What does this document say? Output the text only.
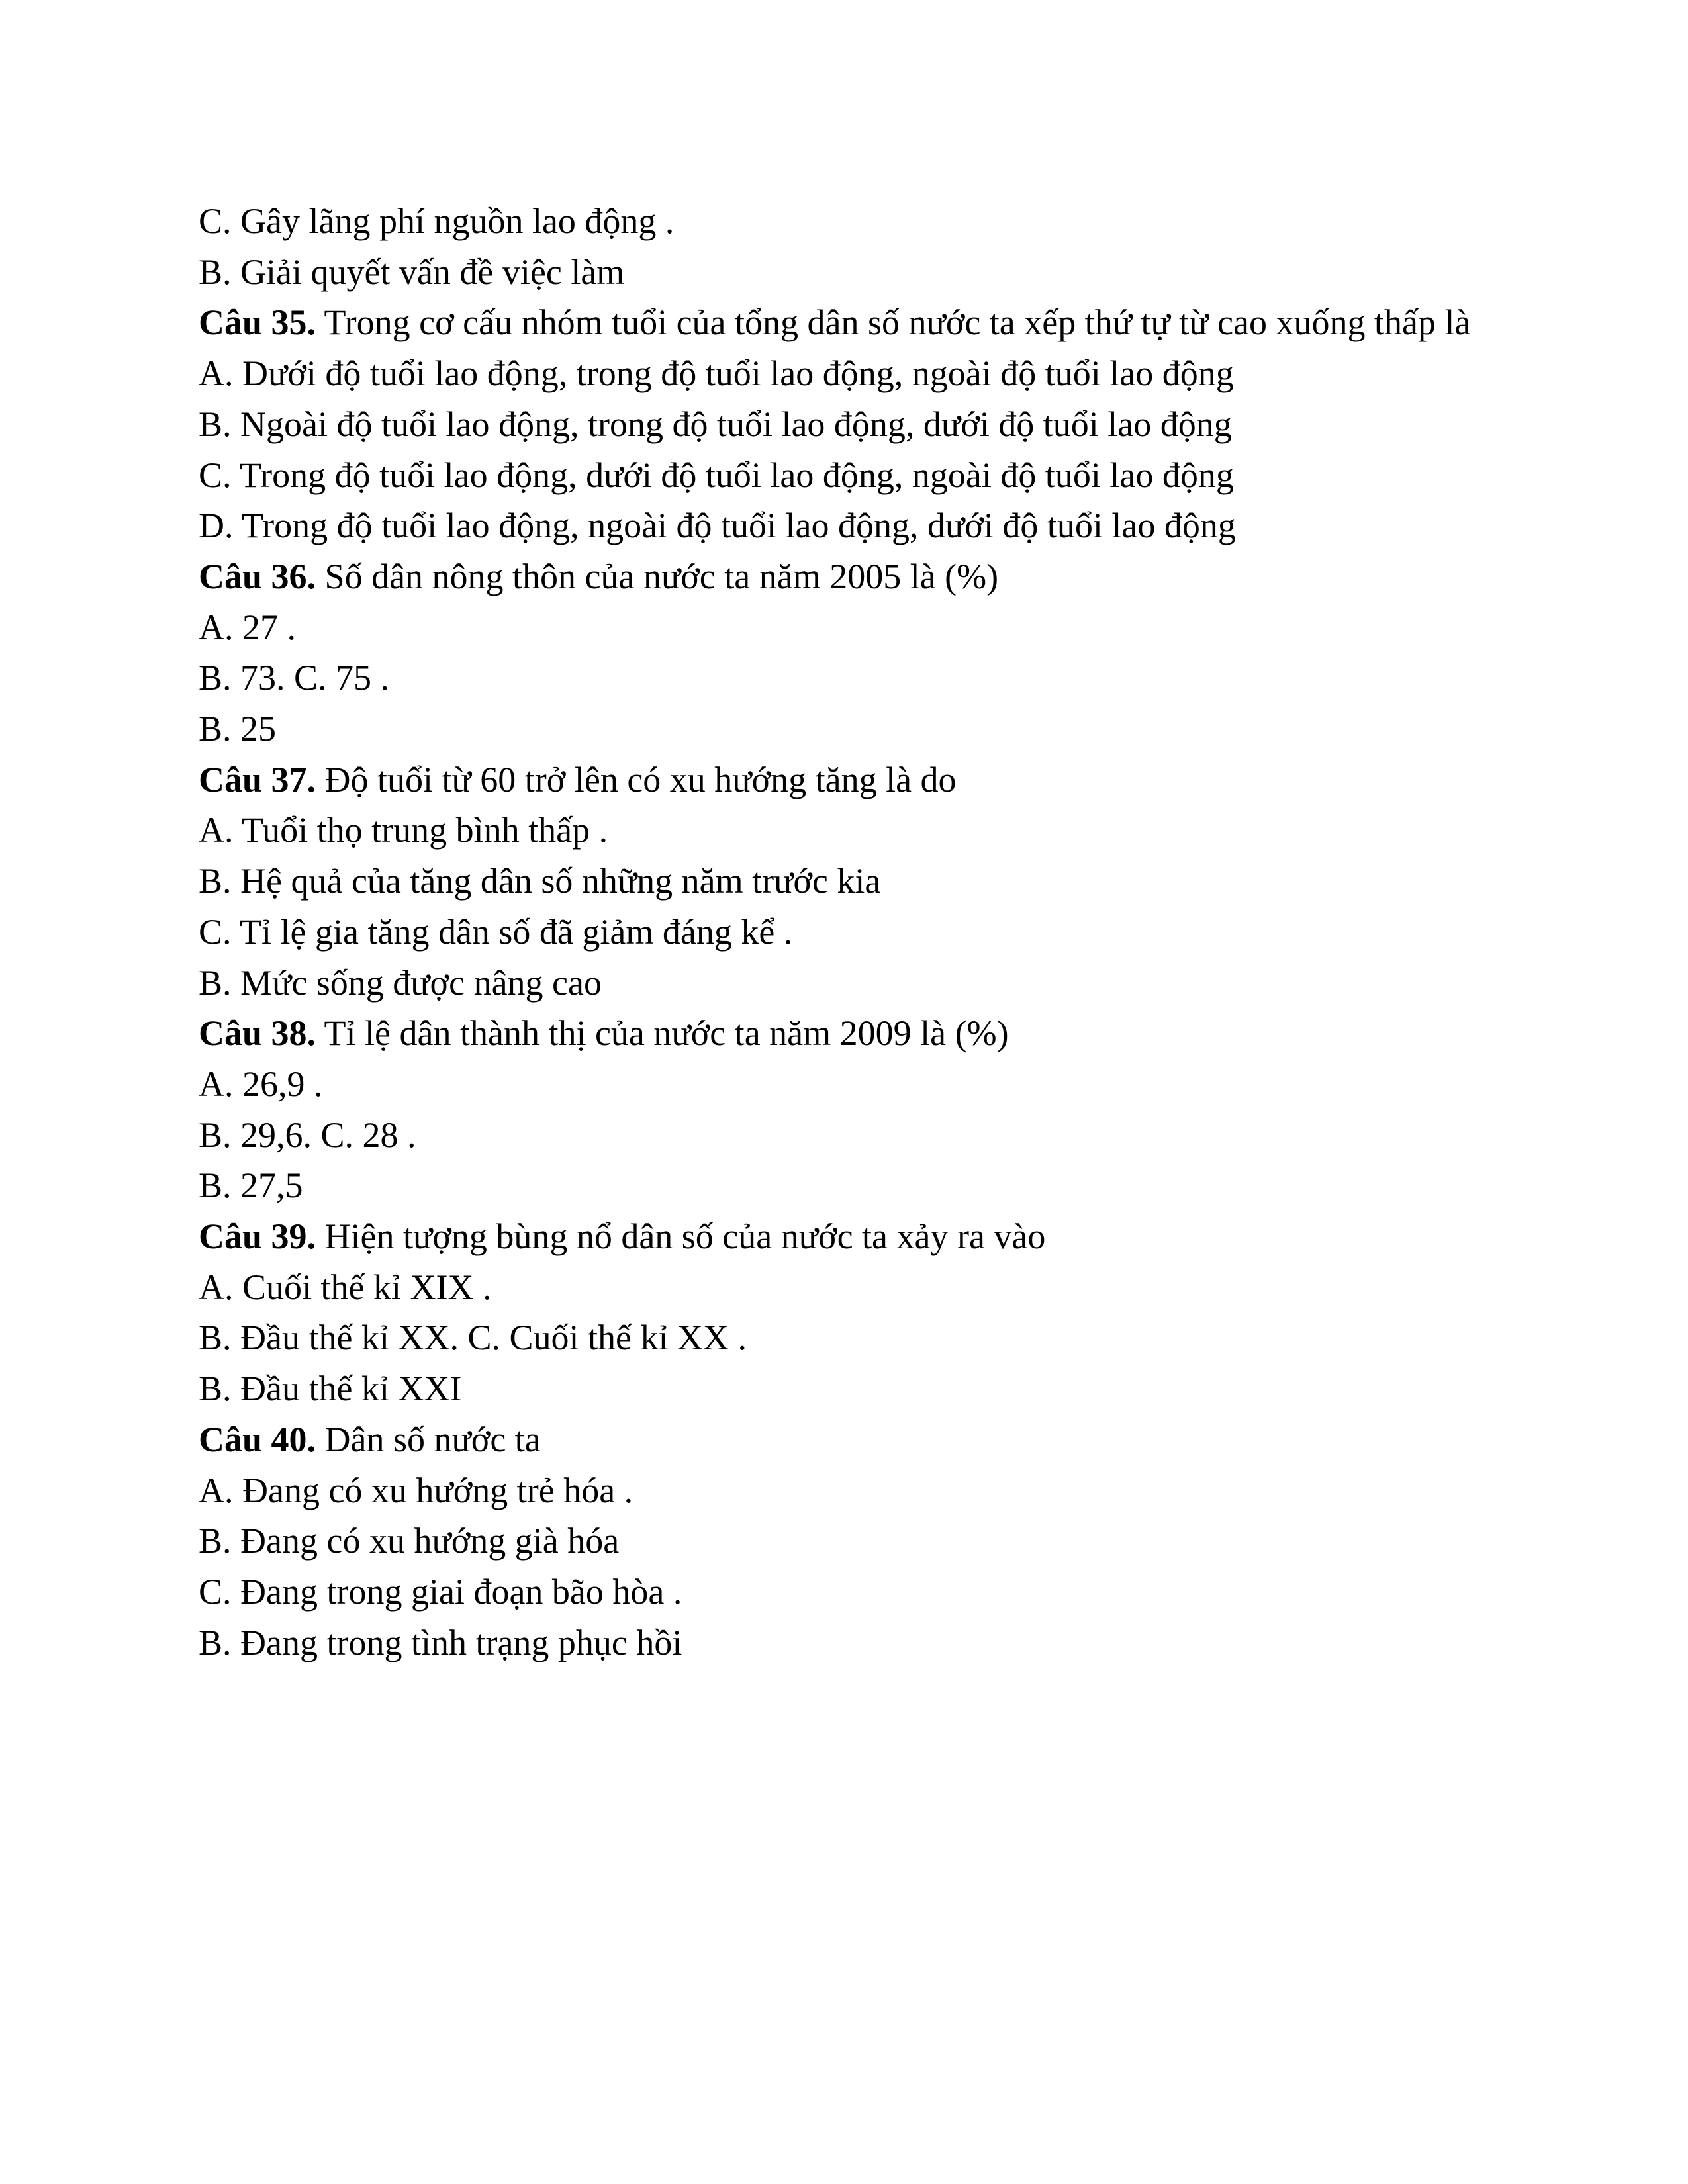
C. Gây lãng phí nguồn lao động .

B. Giải quyết vấn đề việc làm

Câu 35. Trong cơ cấu nhóm tuổi của tổng dân số nước ta xếp thứ tự từ cao xuống thấp là

A. Dưới độ tuổi lao động, trong độ tuổi lao động, ngoài độ tuổi lao động

B. Ngoài độ tuổi lao động, trong độ tuổi lao động, dưới độ tuổi lao động

C. Trong độ tuổi lao động, dưới độ tuổi lao động, ngoài độ tuổi lao động

D. Trong độ tuổi lao động, ngoài độ tuổi lao động, dưới độ tuổi lao động

Câu 36. Số dân nông thôn của nước ta năm 2005 là (%)

A. 27 .

B. 73. C. 75 .

B. 25

Câu 37. Độ tuổi từ 60 trở lên có xu hướng tăng là do

A. Tuổi thọ trung bình thấp .

B. Hệ quả của tăng dân số những năm trước kia

C. Tỉ lệ gia tăng dân số đã giảm đáng kể .

B. Mức sống được nâng cao

Câu 38. Tỉ lệ dân thành thị của nước ta năm 2009 là (%)

A. 26,9 .

B. 29,6. C. 28 .

B. 27,5

Câu 39. Hiện tượng bùng nổ dân số của nước ta xảy ra vào

A. Cuối thế kỉ XIX .

B. Đầu thế kỉ XX. C. Cuối thế kỉ XX .

B. Đầu thế kỉ XXI

Câu 40. Dân số nước ta

A. Đang có xu hướng trẻ hóa .

B. Đang có xu hướng già hóa

C. Đang trong giai đoạn bão hòa .

B. Đang trong tình trạng phục hồi
